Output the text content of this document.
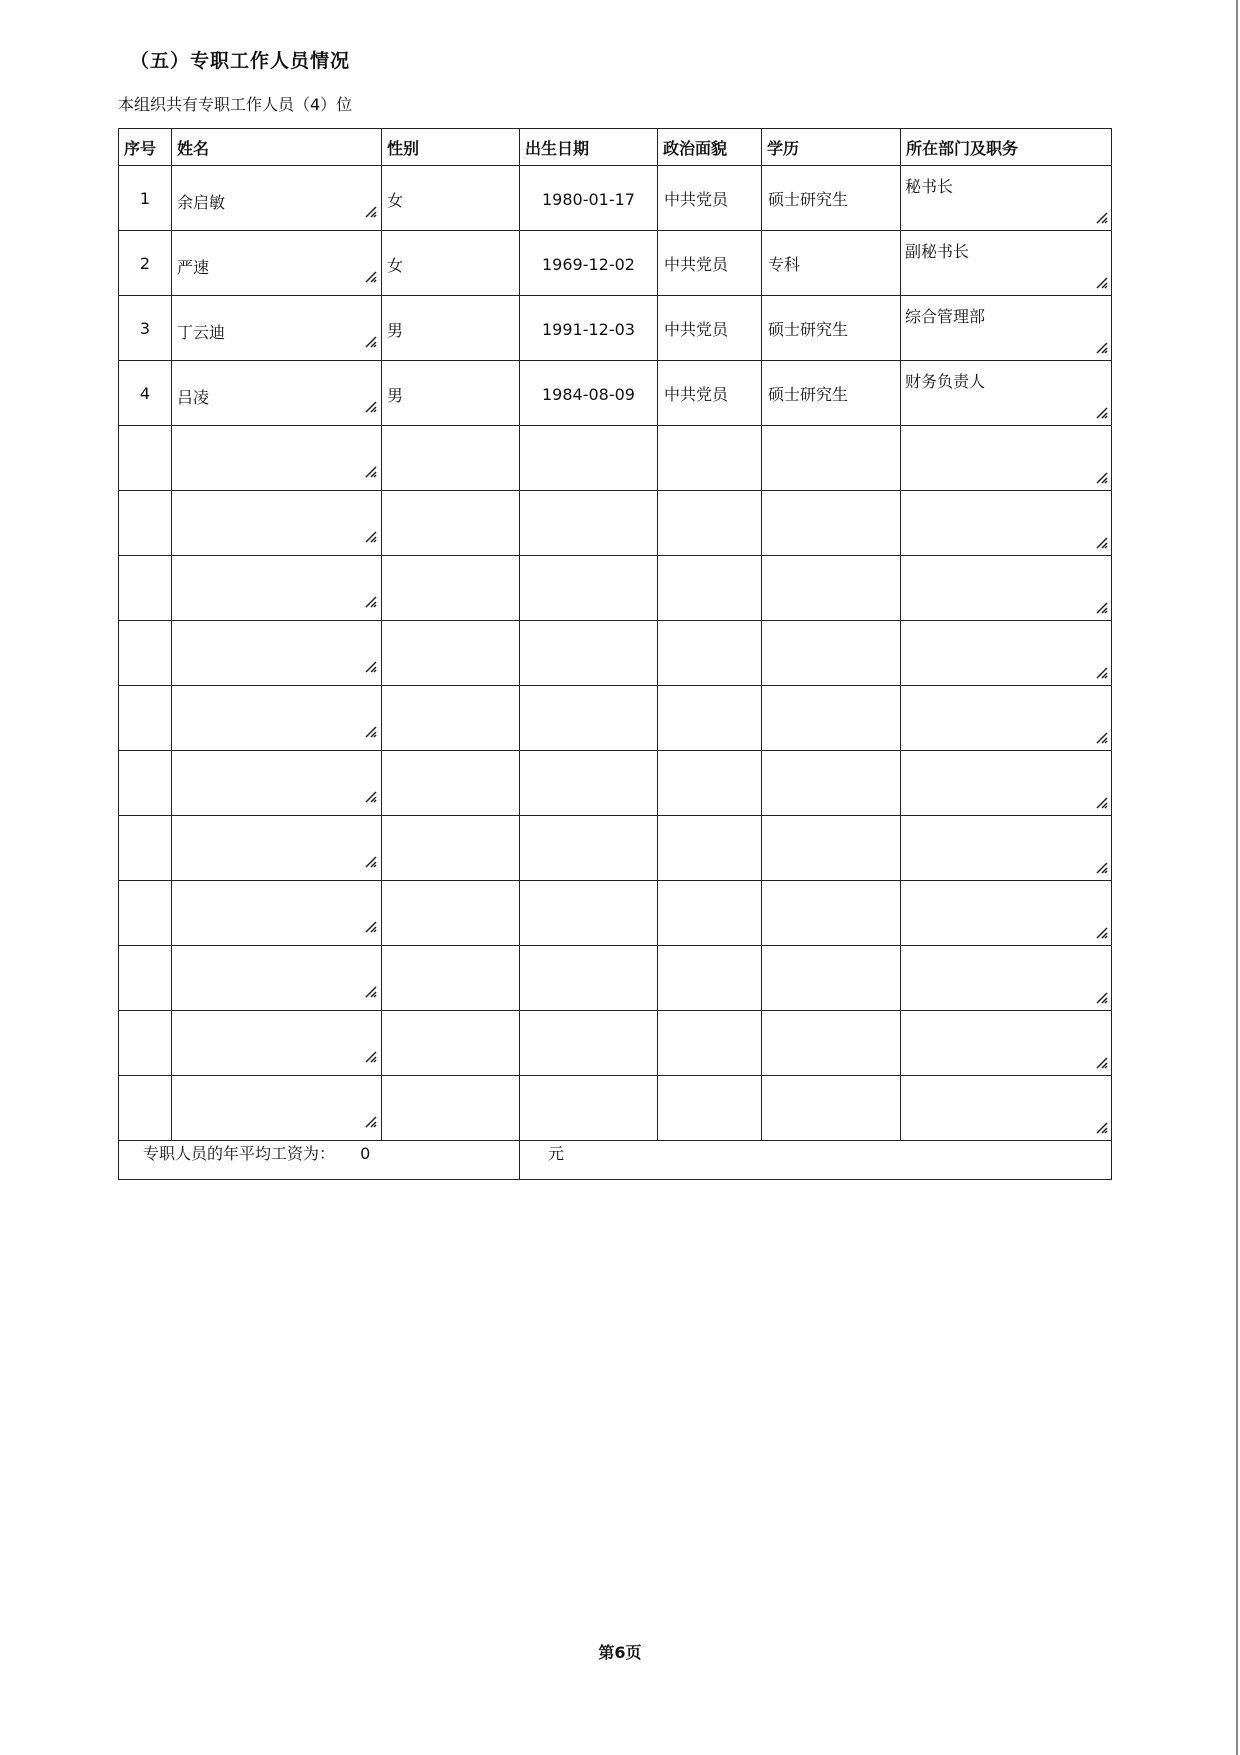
（五）专职工作人员情况
本组织共有专职工作人员（4）位
序号	姓名	性别	出生日期	政治面貌	学历	所在部门及职务

1	余启敏	女	1980-01-17	中共党员	硕士研究生	秘书长

2	严速	女	1969-12-02	中共党员	专科	副秘书长

3	丁云迪	男	1991-12-03	中共党员	硕士研究生	综合管理部

4	吕凌	男	1984-08-09	中共党员	硕士研究生	财务负责人

专职人员的年平均工资为： 0			元			
第6页
